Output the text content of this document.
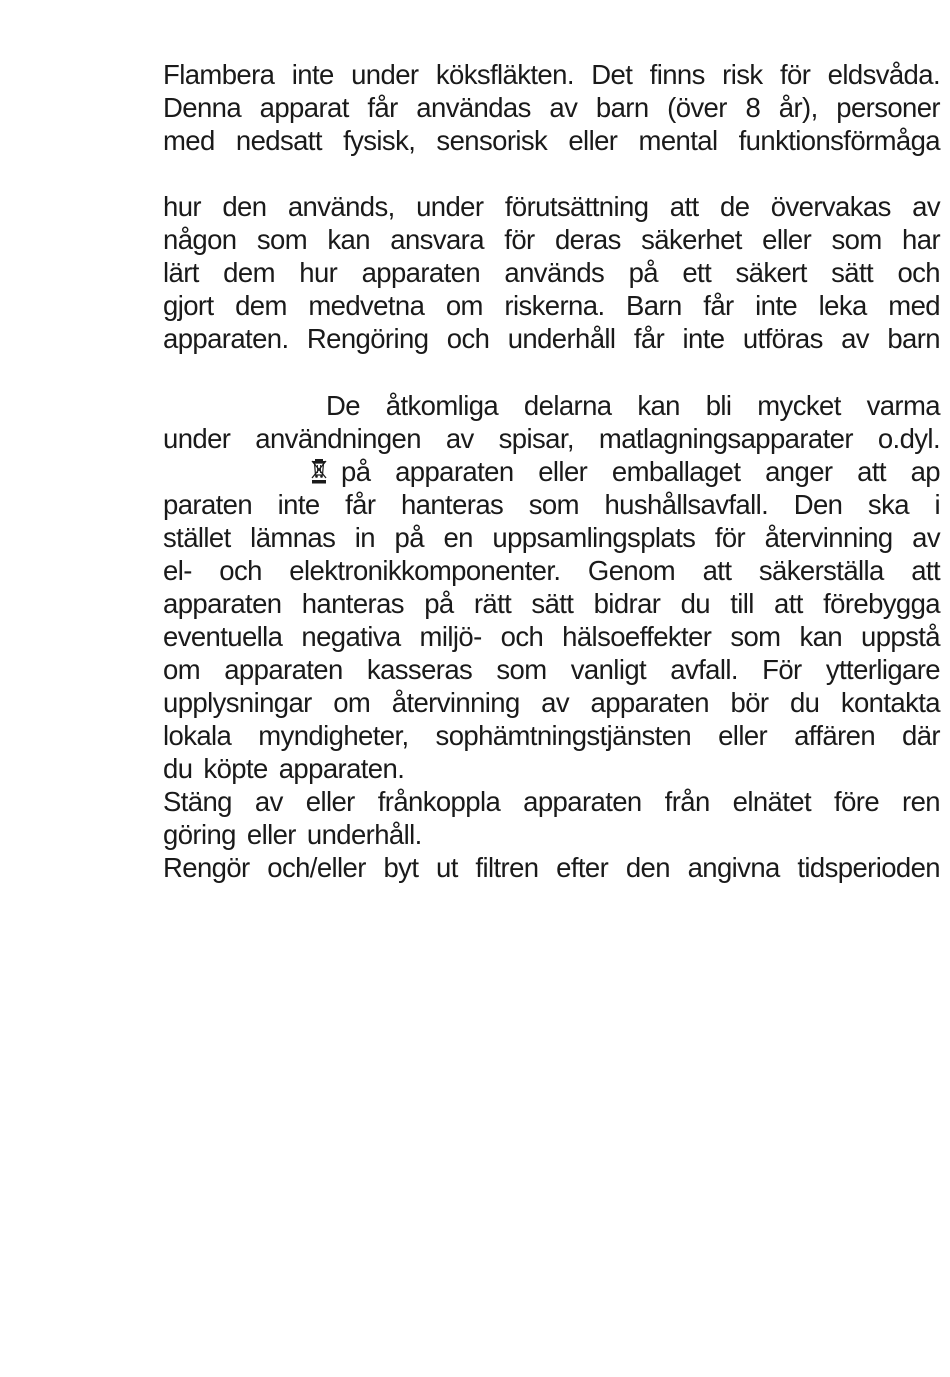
Flambera inte under köksfläkten. Det finns risk för eldsvåda.

Denna apparat får användas av barn (över 8 år), personer

med nedsatt fysisk, sensorisk eller mental funktionsförmåga

hur den används, under förutsättning att de övervakas av

någon som kan ansvara för deras säkerhet eller som har

lärt dem hur apparaten används på ett säkert sätt och

gjort dem medvetna om riskerna. Barn får inte leka med

apparaten. Rengöring och underhåll får inte utföras av barn

De åtkomliga delarna kan bli mycket varma

under användningen av spisar, matlagningsapparater o.dyl.

på apparaten eller emballaget anger att ap

paraten inte får hanteras som hushållsavfall. Den ska i

stället lämnas in på en uppsamlingsplats för återvinning av

el- och elektronikkomponenter. Genom att säkerställa att

apparaten hanteras på rätt sätt bidrar du till att förebygga

eventuella negativa miljö- och hälsoeffekter som kan uppstå

om apparaten kasseras som vanligt avfall. För ytterligare

upplysningar om återvinning av apparaten bör du kontakta

lokala myndigheter, sophämtningstjänsten eller affären där

du köpte apparaten.

Stäng av eller frånkoppla apparaten från elnätet före ren

göring eller underhåll.

Rengör och/eller byt ut filtren efter den angivna tidsperioden
